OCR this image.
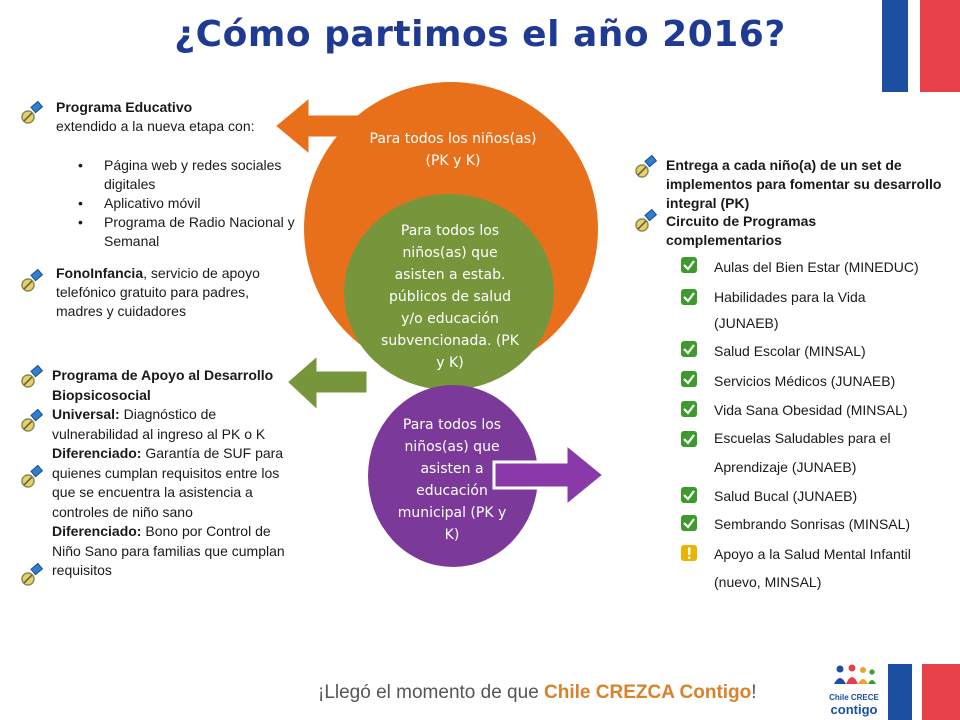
¿Cómo partimos el año 2016?
Para todos los niños(as) (PK y K)
Para todos los niños(as) que asisten a estab. públicos de salud y/o educación subvencionada. (PK y K)
Para todos los niños(as) que asisten a educación municipal (PK y K)
Programa Educativo
extendido a la nueva etapa con:
• Página web y redes sociales digitales
• Aplicativo móvil
• Programa de Radio Nacional y Semanal
FonoInfancia, servicio de apoyo telefónico gratuito para padres, madres y cuidadores
Programa de Apoyo al Desarrollo Biopsicosocial
Universal: Diagnóstico de vulnerabilidad al ingreso al PK o K
Diferenciado: Garantía de SUF para quienes cumplan requisitos entre los que se encuentra la asistencia a controles de niño sano
Diferenciado: Bono por Control de Niño Sano para familias que cumplan requisitos
Entrega a cada niño(a) de un set de implementos para fomentar su desarrollo integral (PK)
Circuito de Programas complementarios
Aulas del Bien Estar (MINEDUC)
Habilidades para la Vida (JUNAEB)
Salud Escolar (MINSAL)
Servicios Médicos (JUNAEB)
Vida Sana Obesidad (MINSAL)
Escuelas Saludables para el Aprendizaje (JUNAEB)
Salud Bucal (JUNAEB)
Sembrando Sonrisas (MINSAL)
Apoyo a la Salud Mental Infantil (nuevo, MINSAL)
¡Llegó el momento de que Chile CREZCA Contigo!	Chile CRECE
contigo
